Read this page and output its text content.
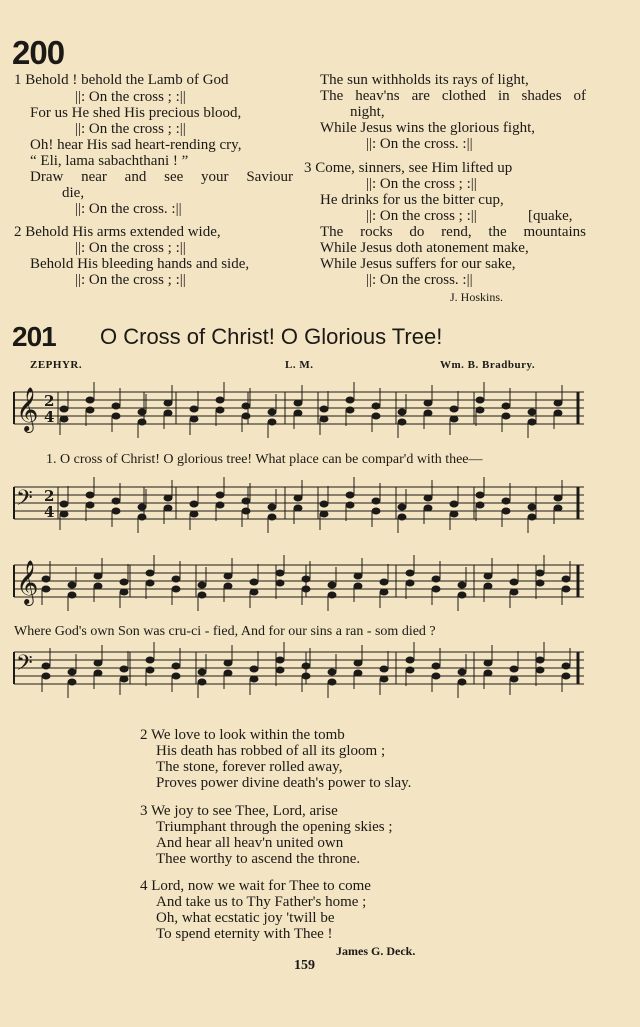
200
1 Behold ! behold the Lamb of God
||: On the cross ; :||
For us He shed His precious blood,
||: On the cross ; :||
Oh! hear His sad heart-rending cry,
“ Eli, lama sabachthani ! ”
Draw near and see your Saviour
die,
||: On the cross. :||
2 Behold His arms extended wide,
||: On the cross ; :||
Behold His bleeding hands and side,
||: On the cross ; :||
The sun withholds its rays of light,
The heav'ns are clothed in shades of
night,
While Jesus wins the glorious fight,
||: On the cross. :||
3 Come, sinners, see Him lifted up
||: On the cross ; :||
He drinks for us the bitter cup,
||: On the cross ; :||	[quake,
The rocks do rend, the mountains
While Jesus doth atonement make,
While Jesus suffers for our sake,
||: On the cross. :||
J. Hoskins.
201 O Cross of Christ! O Glorious Tree!
ZEPHYR.	L. M.	Wm. B. Bradbury.
𝄞 2
4
𝄢 2
4
𝄞
𝄢
1. O cross of Christ! O glorious tree! What place can be compar'd with thee—
Where God's own Son was cru-ci - fied, And for our sins a ran - som died ?
2 We love to look within the tomb
His death has robbed of all its gloom ;
The stone, forever rolled away,
Proves power divine death's power to slay.
3 We joy to see Thee, Lord, arise
Triumphant through the opening skies ;
And hear all heav'n united own
Thee worthy to ascend the throne.
4 Lord, now we wait for Thee to come
And take us to Thy Father's home ;
Oh, what ecstatic joy 'twill be
To spend eternity with Thee !
James G. Deck.
159
